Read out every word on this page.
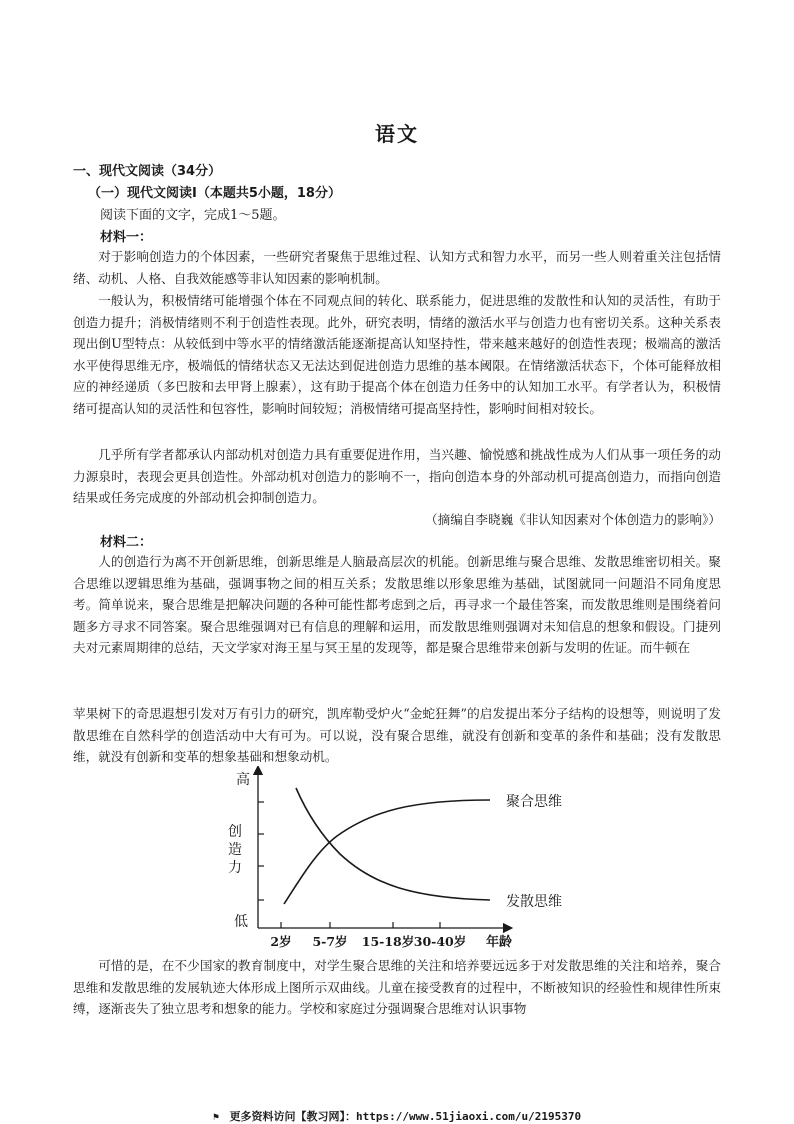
语文
一、现代文阅读（34分）
（一）现代文阅读Ⅰ（本题共5小题，18分）
阅读下面的文字，完成1～5题。
材料一：

对于影响创造力的个体因素，一些研究者聚焦于思维过程、认知方式和智力水平，而另一些人则着重关注包括情绪、动机、人格、自我效能感等非认知因素的影响机制。

一般认为，积极情绪可能增强个体在不同观点间的转化、联系能力，促进思维的发散性和认知的灵活性，有助于创造力提升；消极情绪则不利于创造性表现。此外，研究表明，情绪的激活水平与创造力也有密切关系。这种关系表现出倒U型特点：从较低到中等水平的情绪激活能逐渐提高认知坚持性，带来越来越好的创造性表现；极端高的激活水平使得思维无序，极端低的情绪状态又无法达到促进创造力思维的基本阈限。在情绪激活状态下，个体可能释放相应的神经递质（多巴胺和去甲肾上腺素），这有助于提高个体在创造力任务中的认知加工水平。有学者认为，积极情绪可提高认知的灵活性和包容性，影响时间较短；消极情绪可提高坚持性，影响时间相对较长。

几乎所有学者都承认内部动机对创造力具有重要促进作用，当兴趣、愉悦感和挑战性成为人们从事一项任务的动力源泉时，表现会更具创造性。外部动机对创造力的影响不一，指向创造本身的外部动机可提高创造力，而指向创造结果或任务完成度的外部动机会抑制创造力。

（摘编自李晓巍《非认知因素对个体创造力的影响》）
材料二：

人的创造行为离不开创新思维，创新思维是人脑最高层次的机能。创新思维与聚合思维、发散思维密切相关。聚合思维以逻辑思维为基础，强调事物之间的相互关系；发散思维以形象思维为基础，试图就同一问题沿不同角度思考。简单说来，聚合思维是把解决问题的各种可能性都考虑到之后，再寻求一个最佳答案，而发散思维则是围绕着问题多方寻求不同答案。聚合思维强调对已有信息的理解和运用，而发散思维则强调对未知信息的想象和假设。门捷列夫对元素周期律的总结，天文学家对海王星与冥王星的发现等，都是聚合思维带来创新与发明的佐证。而牛顿在

苹果树下的奇思遐想引发对万有引力的研究，凯库勒受炉火“金蛇狂舞”的启发提出苯分子结构的设想等，则说明了发散思维在自然科学的创造活动中大有可为。可以说，没有聚合思维，就没有创新和变革的条件和基础；没有发散思维，就没有创新和变革的想象基础和想象动机。

高
低
创 造 力
2岁 5-7岁 15-18岁 30-40岁 年龄
聚合思维
发散思维

可惜的是，在不少国家的教育制度中，对学生聚合思维的关注和培养要远远多于对发散思维的关注和培养，聚合思维和发散思维的发展轨迹大体形成上图所示双曲线。儿童在接受教育的过程中，不断被知识的经验性和规律性所束缚，逐渐丧失了独立思考和想象的能力。学校和家庭过分强调聚合思维对认识事物

⚑ 更多资料访问【教习网】：https://www.51jiaoxi.com/u/2195370
